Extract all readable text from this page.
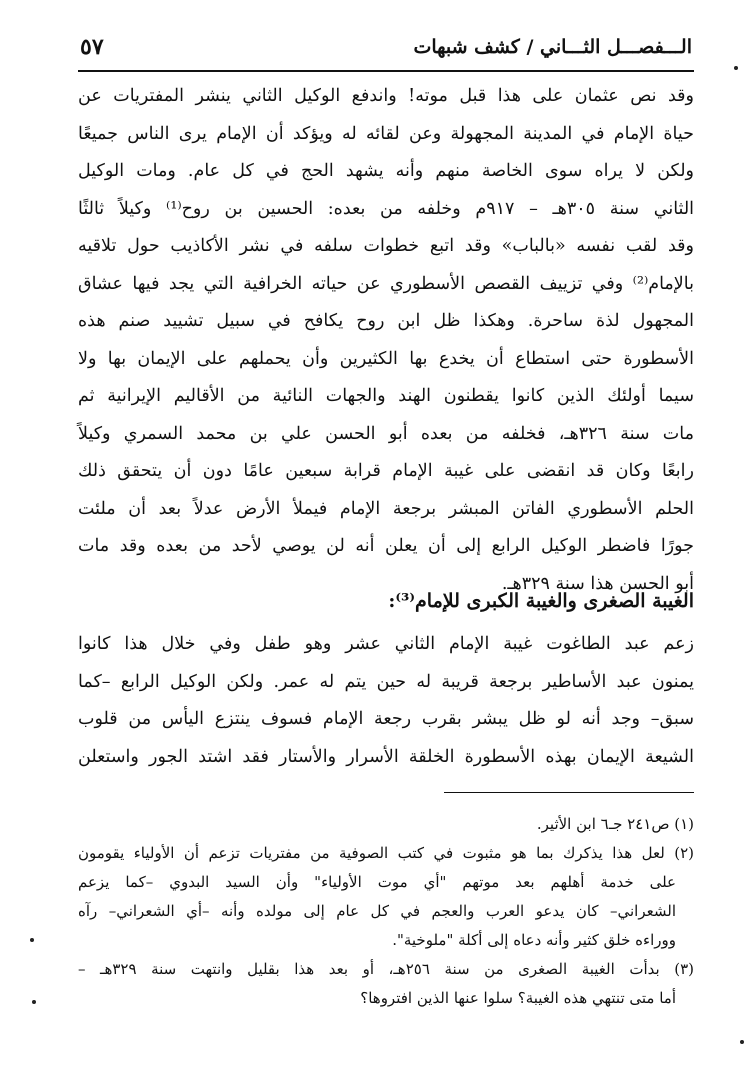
٥٧	الـــفصـــل الثـــاني / كشف شبهات
وقد نص عثمان على هذا قبل موته! واندفع الوكيل الثاني ينشر المفتريات عن
حياة الإمام في المدينة المجهولة وعن لقائه له ويؤكد أن الإمام يرى الناس جميعًا
ولكن لا يراه سوى الخاصة منهم وأنه يشهد الحج في كل عام. ومات الوكيل
الثاني سنة ٣٠٥هـ – ٩١٧م وخلفه من بعده: الحسين بن روح⁽¹⁾ وكيلاً ثالثًا
وقد لقب نفسه «بالباب» وقد اتبع خطوات سلفه في نشر الأكاذيب حول تلاقيه
بالإمام⁽²⁾ وفي تزييف القصص الأسطوري عن حياته الخرافية التي يجد فيها عشاق
المجهول لذة ساحرة. وهكذا ظل ابن روح يكافح في سبيل تشييد صنم هذه
الأسطورة حتى استطاع أن يخدع بها الكثيرين وأن يحملهم على الإيمان بها ولا
سيما أولئك الذين كانوا يقطنون الهند والجهات النائية من الأقاليم الإيرانية ثم
مات سنة ٣٢٦هـ، فخلفه من بعده أبو الحسن علي بن محمد السمري وكيلاً
رابعًا وكان قد انقضى على غيبة الإمام قرابة سبعين عامًا دون أن يتحقق ذلك
الحلم الأسطوري الفاتن المبشر برجعة الإمام فيملأ الأرض عدلاً بعد أن ملئت
جورًا فاضطر الوكيل الرابع إلى أن يعلن أنه لن يوصي لأحد من بعده وقد مات
أبو الحسن هذا سنة ٣٢٩هـ.
الغيبة الصغرى والغيبة الكبرى للإمام⁽³⁾:
زعم عبد الطاغوت غيبة الإمام الثاني عشر وهو طفل وفي خلال هذا كانوا
يمنون عبد الأساطير برجعة قريبة له حين يتم له عمر. ولكن الوكيل الرابع –كما
سبق– وجد أنه لو ظل يبشر بقرب رجعة الإمام فسوف ينتزع اليأس من قلوب
الشيعة الإيمان بهذه الأسطورة الخلقة الأسرار والأستار فقد اشتد الجور واستعلن
(١) ص٢٤١ جـ٦ ابن الأثير.
(٢) لعل هذا يذكرك بما هو مثبوت في كتب الصوفية من مفتريات تزعم أن الأولياء يقومون
على خدمة أهلهم بعد موتهم "أي موت الأولياء" وأن السيد البدوي –كما يزعم
الشعراني– كان يدعو العرب والعجم في كل عام إلى مولده وأنه –أي الشعراني– رآه
ووراءه خلق كثير وأنه دعاه إلى أكلة "ملوخية".
(٣) بدأت الغيبة الصغرى من سنة ٢٥٦هـ، أو بعد هذا بقليل وانتهت سنة ٣٢٩هـ –
أما متى تنتهي هذه الغيبة؟ سلوا عنها الذين افتروها؟
